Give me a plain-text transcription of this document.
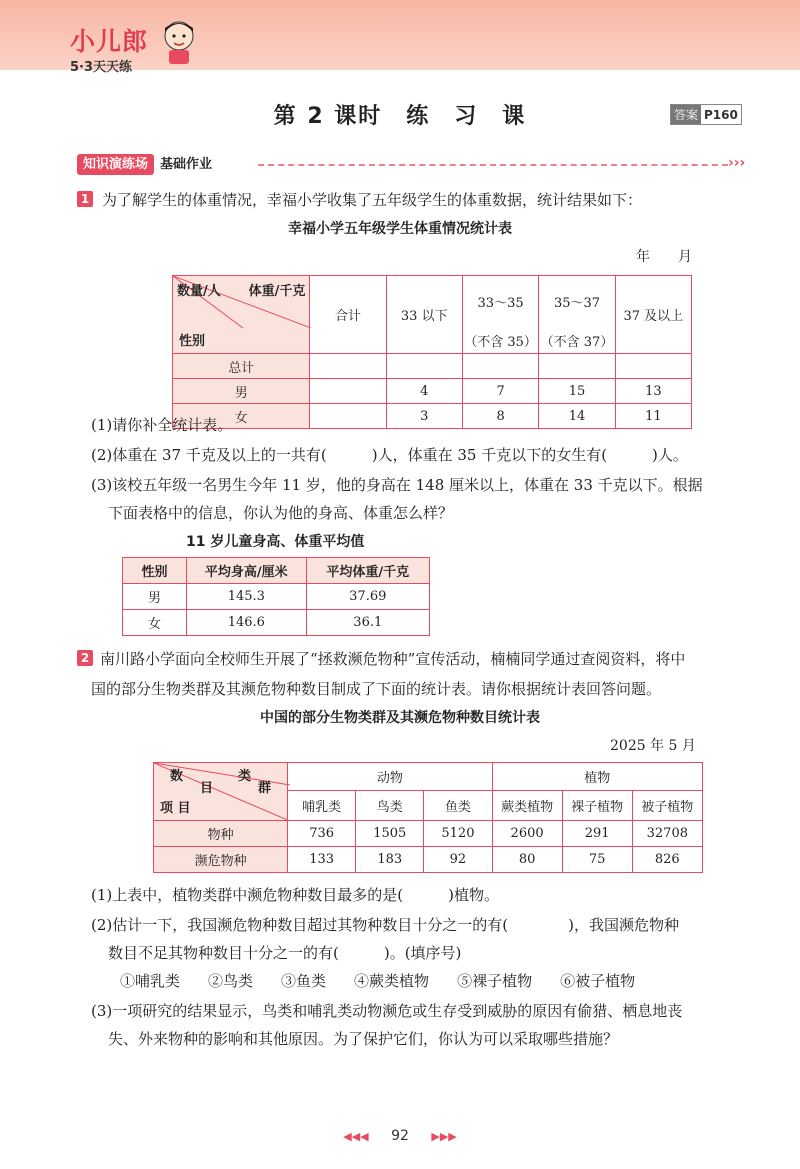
小儿郎
5·3天天练
第 2 课时　练　习　课	答案 P160
知识演练场 基础作业	›››
1 为了解学生的体重情况，幸福小学收集了五年级学生的体重数据，统计结果如下：
幸福小学五年级学生体重情况统计表
年　　月
体重/千克
数量/人
性别	合计	33 以下	33～35	35～37	37 及以上
			（不含 35）	（不含 37）	
总计					
男		4	7	15	13
女		3	8	14	11
(1)请你补全统计表。
(2)体重在 37 千克及以上的一共有(　　　)人，体重在 35 千克以下的女生有(　　　)人。
(3)该校五年级一名男生今年 11 岁，他的身高在 148 厘米以上，体重在 33 千克以下。根据
下面表格中的信息，你认为他的身高、体重怎么样？
11 岁儿童身高、体重平均值
性别	平均身高/厘米	平均体重/千克
男	145.3	37.69
女	146.6	36.1
2 南川路小学面向全校师生开展了“拯救濒危物种”宣传活动，楠楠同学通过查阅资料，将中
国的部分生物类群及其濒危物种数目制成了下面的统计表。请你根据统计表回答问题。
中国的部分生物类群及其濒危物种数目统计表
2025 年 5 月
数
目
类
群
项 目	动物			植物		
	哺乳类	鸟类	鱼类	蕨类植物	裸子植物	被子植物
物种	736	1505	5120	2600	291	32708
濒危物种	133	183	92	80	75	826
(1)上表中，植物类群中濒危物种数目最多的是(　　　)植物。
(2)估计一下，我国濒危物种数目超过其物种数目十分之一的有(　　　　)，我国濒危物种
数目不足其物种数目十分之一的有(　　　)。(填序号)
①哺乳类 ②鸟类 ③鱼类 ④蕨类植物 ⑤裸子植物 ⑥被子植物
(3)一项研究的结果显示，鸟类和哺乳类动物濒危或生存受到威胁的原因有偷猎、栖息地丧
失、外来物种的影响和其他原因。为了保护它们，你认为可以采取哪些措施？
◀◀◀ 92 ▶▶▶
